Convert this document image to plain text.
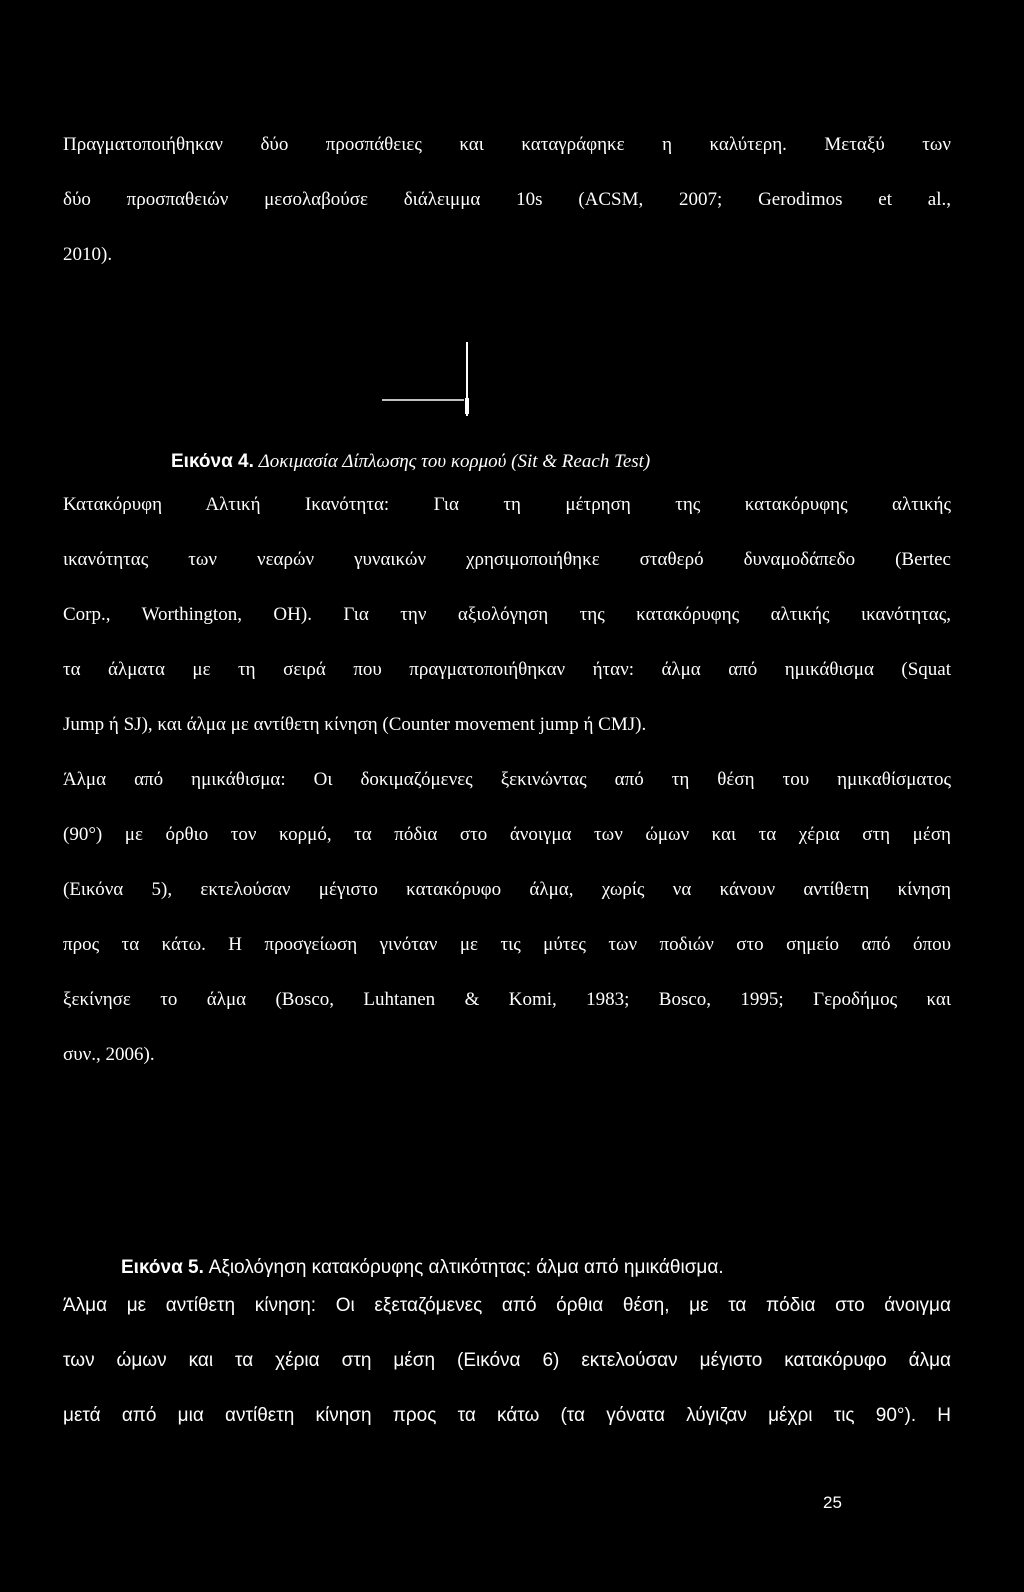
Πραγματοποιήθηκαν δύο προσπάθειες και καταγράφηκε η καλύτερη. Μεταξύ των

δύο προσπαθειών μεσολαβούσε διάλειμμα 10s (ACSM, 2007; Gerodimos et al.,

2010).

Εικόνα 4. Δοκιμασία Δίπλωσης του κορμού (Sit & Reach Test)

Κατακόρυφη Αλτική Ικανότητα: Για τη μέτρηση της κατακόρυφης αλτικής

ικανότητας των νεαρών γυναικών χρησιμοποιήθηκε σταθερό δυναμοδάπεδο (Bertec

Corp., Worthington, OH). Για την αξιολόγηση της κατακόρυφης αλτικής ικανότητας,

τα άλματα με τη σειρά που πραγματοποιήθηκαν ήταν: άλμα από ημικάθισμα (Squat

Jump ή SJ), και άλμα με αντίθετη κίνηση (Counter movement jump ή CMJ).

Άλμα από ημικάθισμα: Οι δοκιμαζόμενες ξεκινώντας από τη θέση του ημικαθίσματος

(90°) με όρθιο τον κορμό, τα πόδια στο άνοιγμα των ώμων και τα χέρια στη μέση

(Εικόνα 5), εκτελούσαν μέγιστο κατακόρυφο άλμα, χωρίς να κάνουν αντίθετη κίνηση

προς τα κάτω. Η προσγείωση γινόταν με τις μύτες των ποδιών στο σημείο από όπου

ξεκίνησε το άλμα (Bosco, Luhtanen & Komi, 1983; Bosco, 1995; Γεροδήμος και

συν., 2006).

Εικόνα 5. Αξιολόγηση κατακόρυφης αλτικότητας: άλμα από ημικάθισμα.

Άλμα με αντίθετη κίνηση: Οι εξεταζόμενες από όρθια θέση, με τα πόδια στο άνοιγμα

των ώμων και τα χέρια στη μέση (Εικόνα 6) εκτελούσαν μέγιστο κατακόρυφο άλμα

μετά από μια αντίθετη κίνηση προς τα κάτω (τα γόνατα λύγιζαν μέχρι τις 90°). Η

25
